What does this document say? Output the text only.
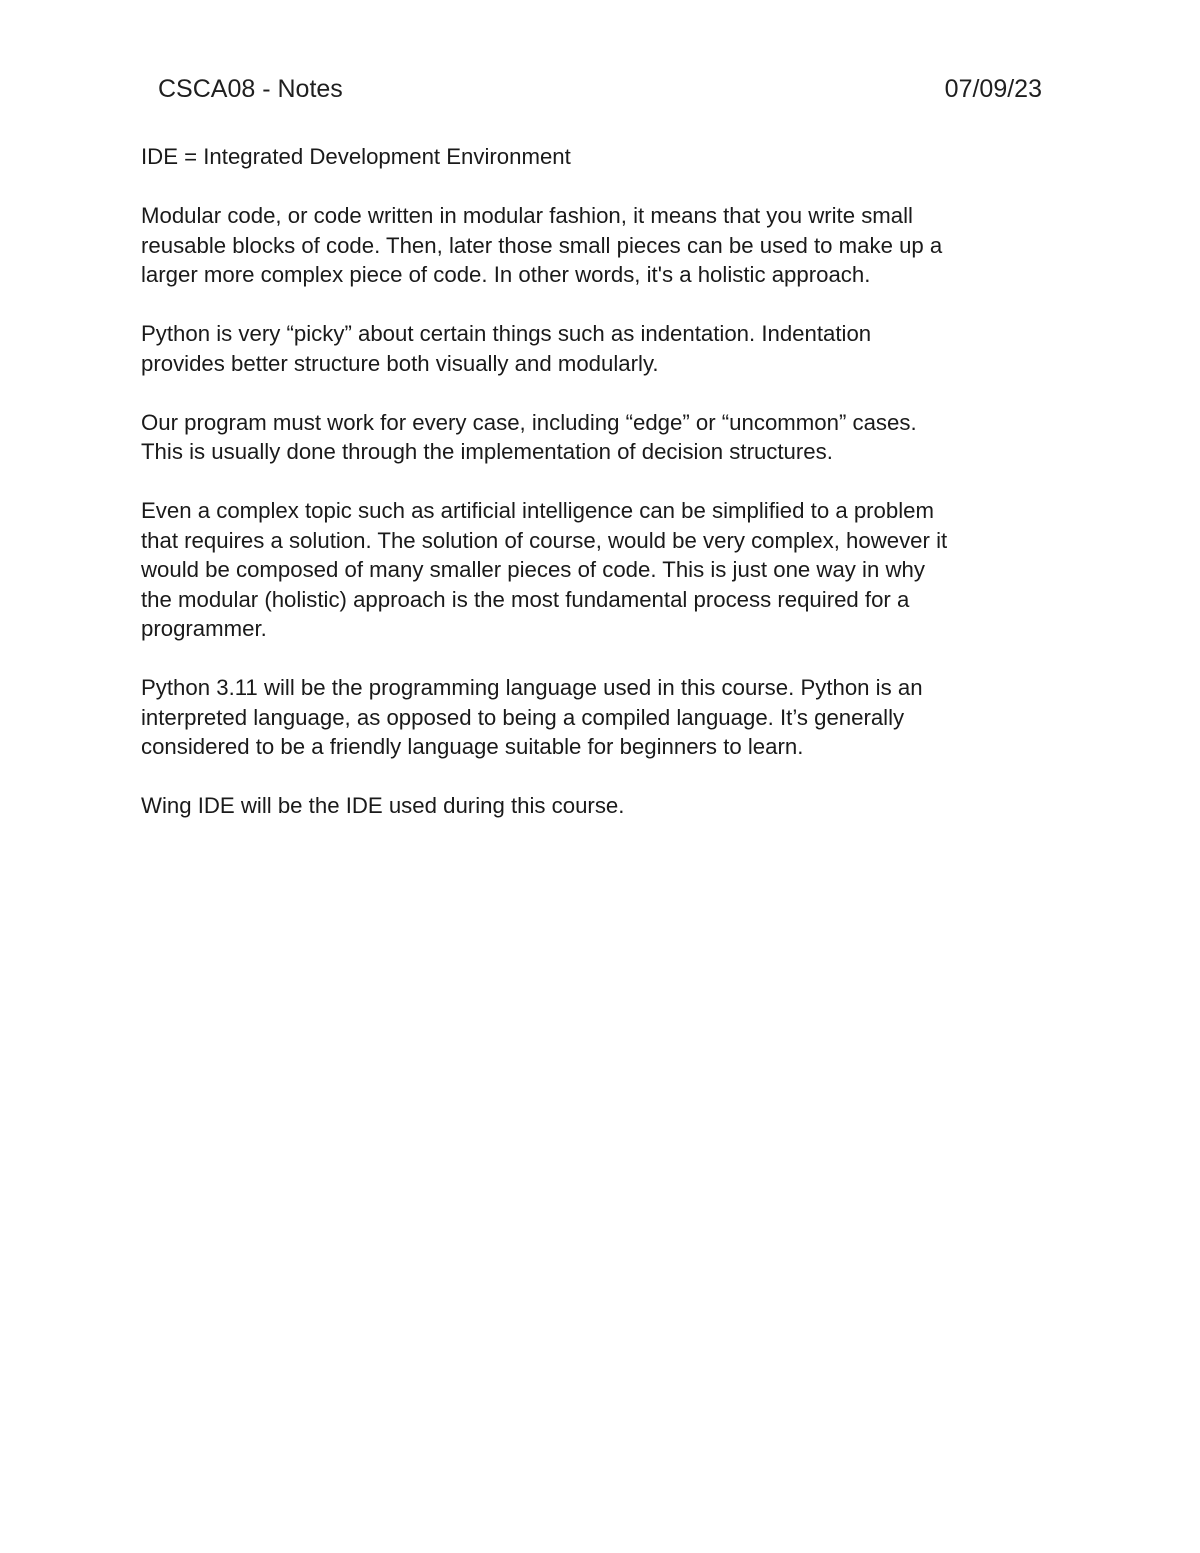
CSCA08 - Notes	07/09/23

IDE = Integrated Development Environment

Modular code, or code written in modular fashion, it means that you write small
reusable blocks of code. Then, later those small pieces can be used to make up a
larger more complex piece of code. In other words, it's a holistic approach.

Python is very “picky” about certain things such as indentation. Indentation
provides better structure both visually and modularly.

Our program must work for every case, including “edge” or “uncommon” cases.
This is usually done through the implementation of decision structures.

Even a complex topic such as artificial intelligence can be simplified to a problem
that requires a solution. The solution of course, would be very complex, however it
would be composed of many smaller pieces of code. This is just one way in why
the modular (holistic) approach is the most fundamental process required for a
programmer.

Python 3.11 will be the programming language used in this course. Python is an
interpreted language, as opposed to being a compiled language. It’s generally
considered to be a friendly language suitable for beginners to learn.

Wing IDE will be the IDE used during this course.
